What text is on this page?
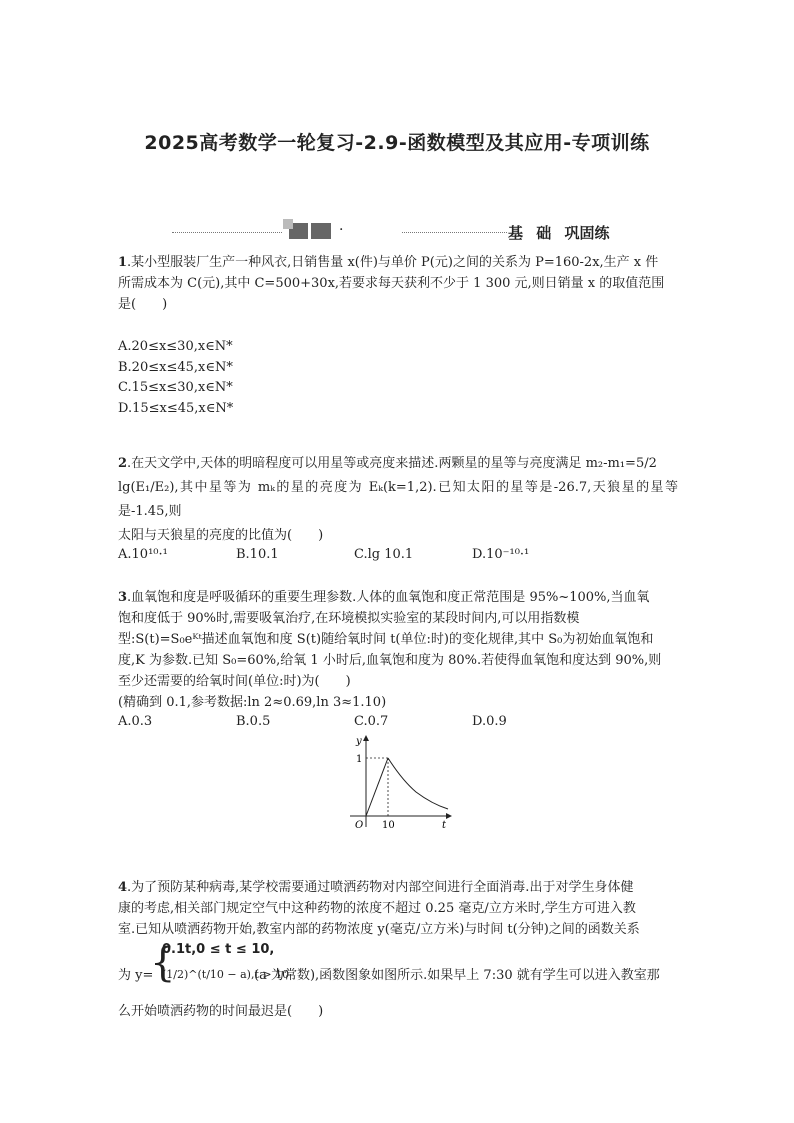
2025高考数学一轮复习-2.9-函数模型及其应用-专项训练
·	基 础 巩固练
1.某小型服装厂生产一种风衣,日销售量 x(件)与单价 P(元)之间的关系为 P=160-2x,生产 x 件
所需成本为 C(元),其中 C=500+30x,若要求每天获利不少于 1 300 元,则日销量 x 的取值范围
是(　　)
A.20≤x≤30,x∈N*
B.20≤x≤45,x∈N*
C.15≤x≤30,x∈N*
D.15≤x≤45,x∈N*
2.在天文学中,天体的明暗程度可以用星等或亮度来描述.两颗星的星等与亮度满足 m₂-m₁=5/2
lg(E₁/E₂),其中星等为 mₖ的星的亮度为 Eₖ(k=1,2).已知太阳的星等是-26.7,天狼星的星等是-1.45,则
太阳与天狼星的亮度的比值为(　　)
A.10¹⁰·¹	B.10.1	C.lg 10.1	D.10⁻¹⁰·¹
3.血氧饱和度是呼吸循环的重要生理参数.人体的血氧饱和度正常范围是 95%~100%,当血氧
饱和度低于 90%时,需要吸氧治疗,在环境模拟实验室的某段时间内,可以用指数模
型:S(t)=S₀eᴷᵗ描述血氧饱和度 S(t)随给氧时间 t(单位:时)的变化规律,其中 S₀为初始血氧饱和
度,K 为参数.已知 S₀=60%,给氧 1 小时后,血氧饱和度为 80%.若使得血氧饱和度达到 90%,则
至少还需要的给氧时间(单位:时)为(　　)
(精确到 0.1,参考数据:ln 2≈0.69,ln 3≈1.10)
A.0.3	B.0.5	C.0.7	D.0.9
y
t
O
1
10
4.为了预防某种病毒,某学校需要通过喷洒药物对内部空间进行全面消毒.出于对学生身体健
康的考虑,相关部门规定空气中这种药物的浓度不超过 0.25 毫克/立方米时,学生方可进入教
室.已知从喷洒药物开始,教室内部的药物浓度 y(毫克/立方米)与时间 t(分钟)之间的函数关系
为 y=
{
0.1t,0 ≤ t ≤ 10,
(1/2)^(t/10 − a),t > 10
(a 为常数),函数图象如图所示.如果早上 7:30 就有学生可以进入教室那
么开始喷洒药物的时间最迟是(　　)
